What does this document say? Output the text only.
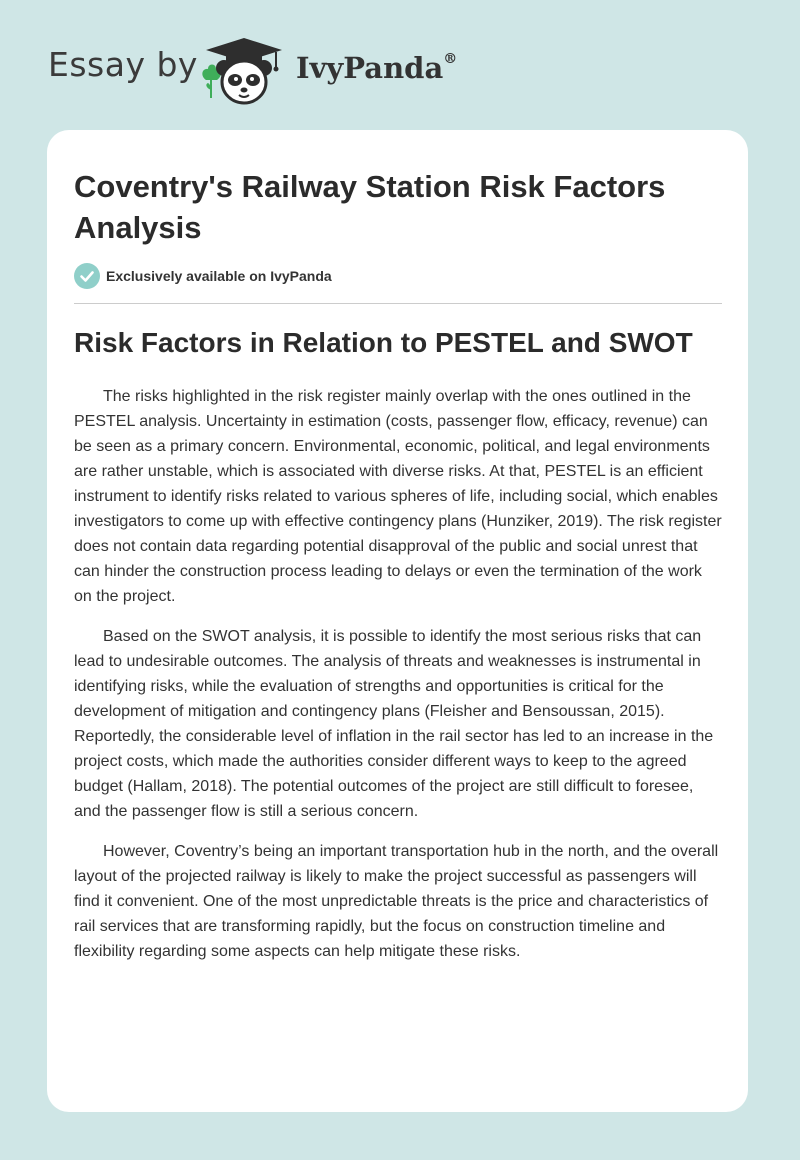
Essay by	IvyPanda®
Coventry's Railway Station Risk Factors Analysis
Exclusively available on IvyPanda
Risk Factors in Relation to PESTEL and SWOT

The risks highlighted in the risk register mainly overlap with the ones outlined in the PESTEL analysis. Uncertainty in estimation (costs, passenger flow, efficacy, revenue) can be seen as a primary concern. Environmental, economic, political, and legal environments are rather unstable, which is associated with diverse risks. At that, PESTEL is an efficient instrument to identify risks related to various spheres of life, including social, which enables investigators to come up with effective contingency plans (Hunziker, 2019). The risk register does not contain data regarding potential disapproval of the public and social unrest that can hinder the construction process leading to delays or even the termination of the work on the project.

Based on the SWOT analysis, it is possible to identify the most serious risks that can lead to undesirable outcomes. The analysis of threats and weaknesses is instrumental in identifying risks, while the evaluation of strengths and opportunities is critical for the development of mitigation and contingency plans (Fleisher and Bensoussan, 2015). Reportedly, the considerable level of inflation in the rail sector has led to an increase in the project costs, which made the authorities consider different ways to keep to the agreed budget (Hallam, 2018). The potential outcomes of the project are still difficult to foresee, and the passenger flow is still a serious concern.

However, Coventry’s being an important transportation hub in the north, and the overall layout of the projected railway is likely to make the project successful as passengers will find it convenient. One of the most unpredictable threats is the price and characteristics of rail services that are transforming rapidly, but the focus on construction timeline and flexibility regarding some aspects can help mitigate these risks.
